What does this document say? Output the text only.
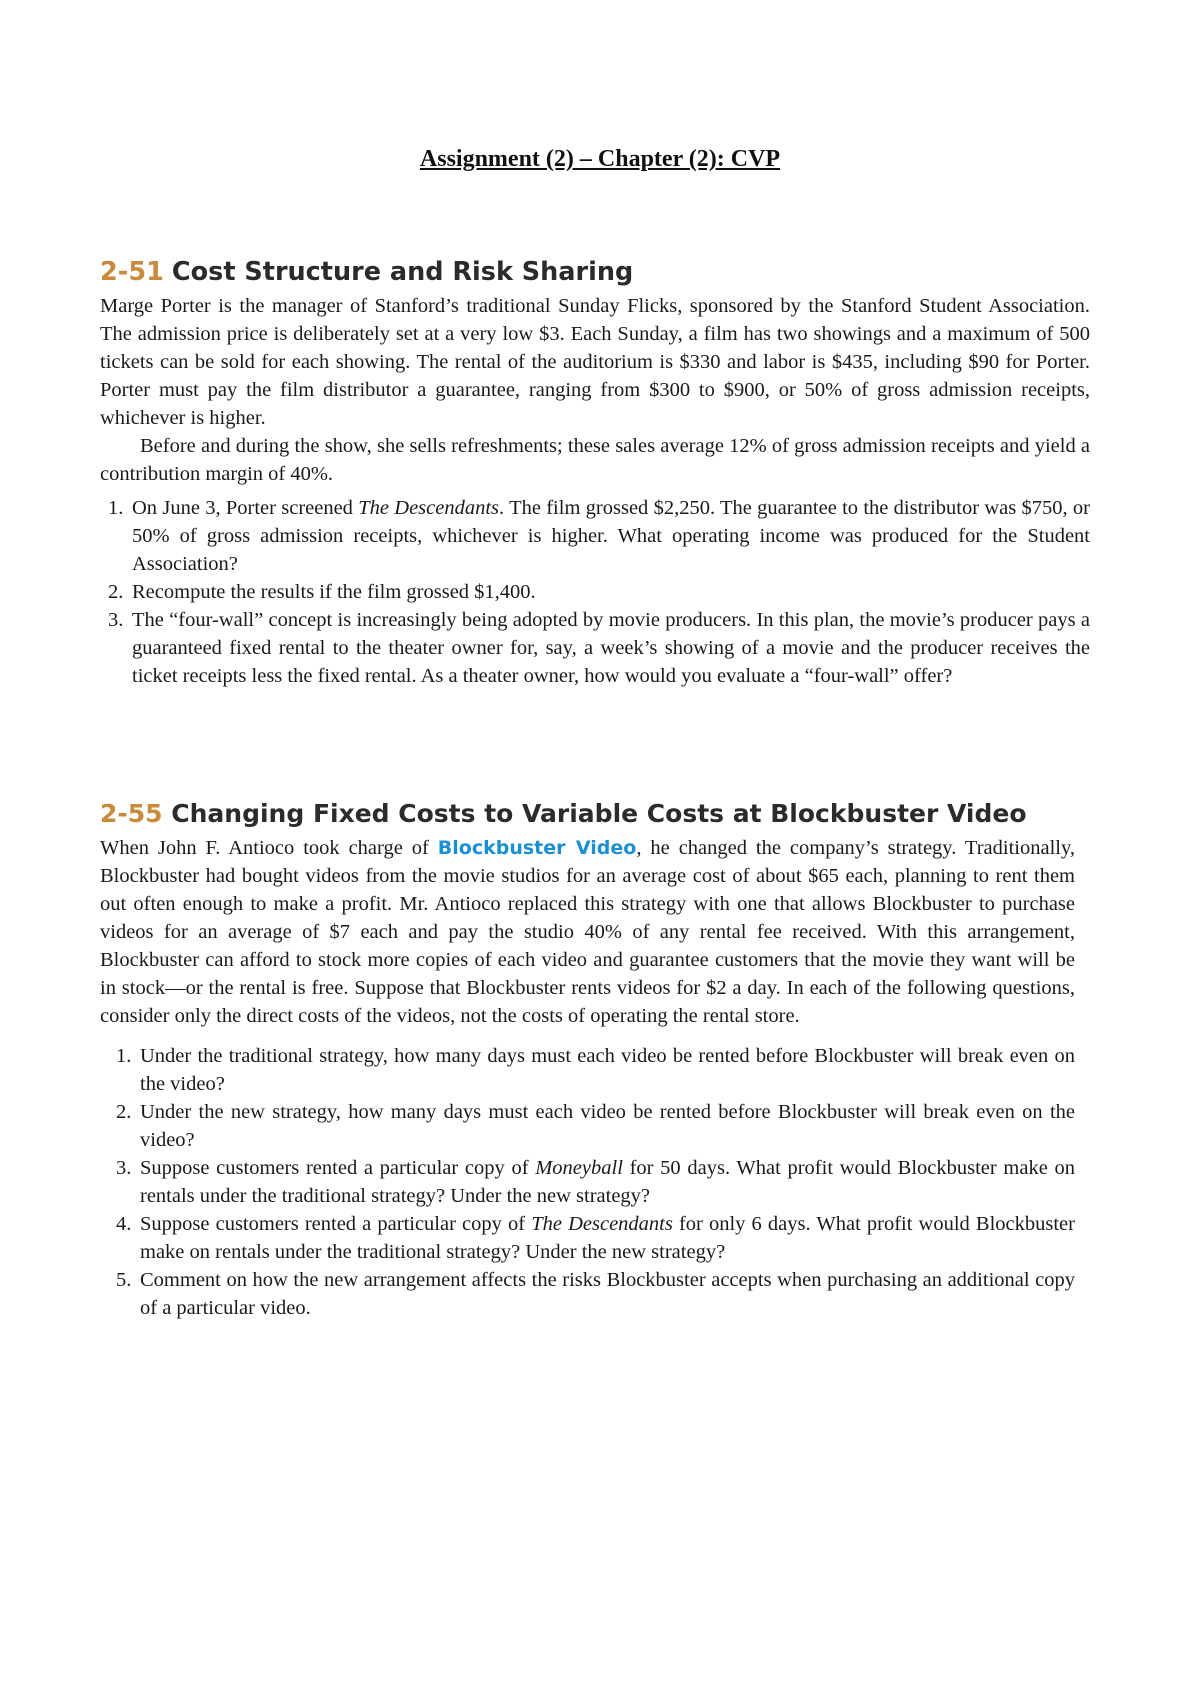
Assignment (2) – Chapter (2): CVP
2-51 Cost Structure and Risk Sharing

Marge Porter is the manager of Stanford’s traditional Sunday Flicks, sponsored by the Stanford Student Association. The admission price is deliberately set at a very low $3. Each Sunday, a film has two showings and a maximum of 500 tickets can be sold for each showing. The rental of the auditorium is $330 and labor is $435, including $90 for Porter. Porter must pay the film distributor a guarantee, ranging from $300 to $900, or 50% of gross admission receipts, whichever is higher.

Before and during the show, she sells refreshments; these sales average 12% of gross admission receipts and yield a contribution margin of 40%.

1. On June 3, Porter screened The Descendants. The film grossed $2,250. The guarantee to the distributor was $750, or 50% of gross admission receipts, whichever is higher. What operating income was produced for the Student Association?
2. Recompute the results if the film grossed $1,400.
3. The “four-wall” concept is increasingly being adopted by movie producers. In this plan, the movie’s producer pays a guaranteed fixed rental to the theater owner for, say, a week’s showing of a movie and the producer receives the ticket receipts less the fixed rental. As a theater owner, how would you evaluate a “four-wall” offer?
2-55 Changing Fixed Costs to Variable Costs at Blockbuster Video

When John F. Antioco took charge of Blockbuster Video, he changed the company’s strategy. Traditionally, Blockbuster had bought videos from the movie studios for an average cost of about $65 each, planning to rent them out often enough to make a profit. Mr. Antioco replaced this strategy with one that allows Blockbuster to purchase videos for an average of $7 each and pay the studio 40% of any rental fee received. With this arrangement, Blockbuster can afford to stock more copies of each video and guarantee customers that the movie they want will be in stock—or the rental is free. Suppose that Blockbuster rents videos for $2 a day. In each of the following questions, consider only the direct costs of the videos, not the costs of operating the rental store.

1. Under the traditional strategy, how many days must each video be rented before Blockbuster will break even on the video?
2. Under the new strategy, how many days must each video be rented before Blockbuster will break even on the video?
3. Suppose customers rented a particular copy of Moneyball for 50 days. What profit would Blockbuster make on rentals under the traditional strategy? Under the new strategy?
4. Suppose customers rented a particular copy of The Descendants for only 6 days. What profit would Blockbuster make on rentals under the traditional strategy? Under the new strategy?
5. Comment on how the new arrangement affects the risks Blockbuster accepts when purchasing an additional copy of a particular video.
